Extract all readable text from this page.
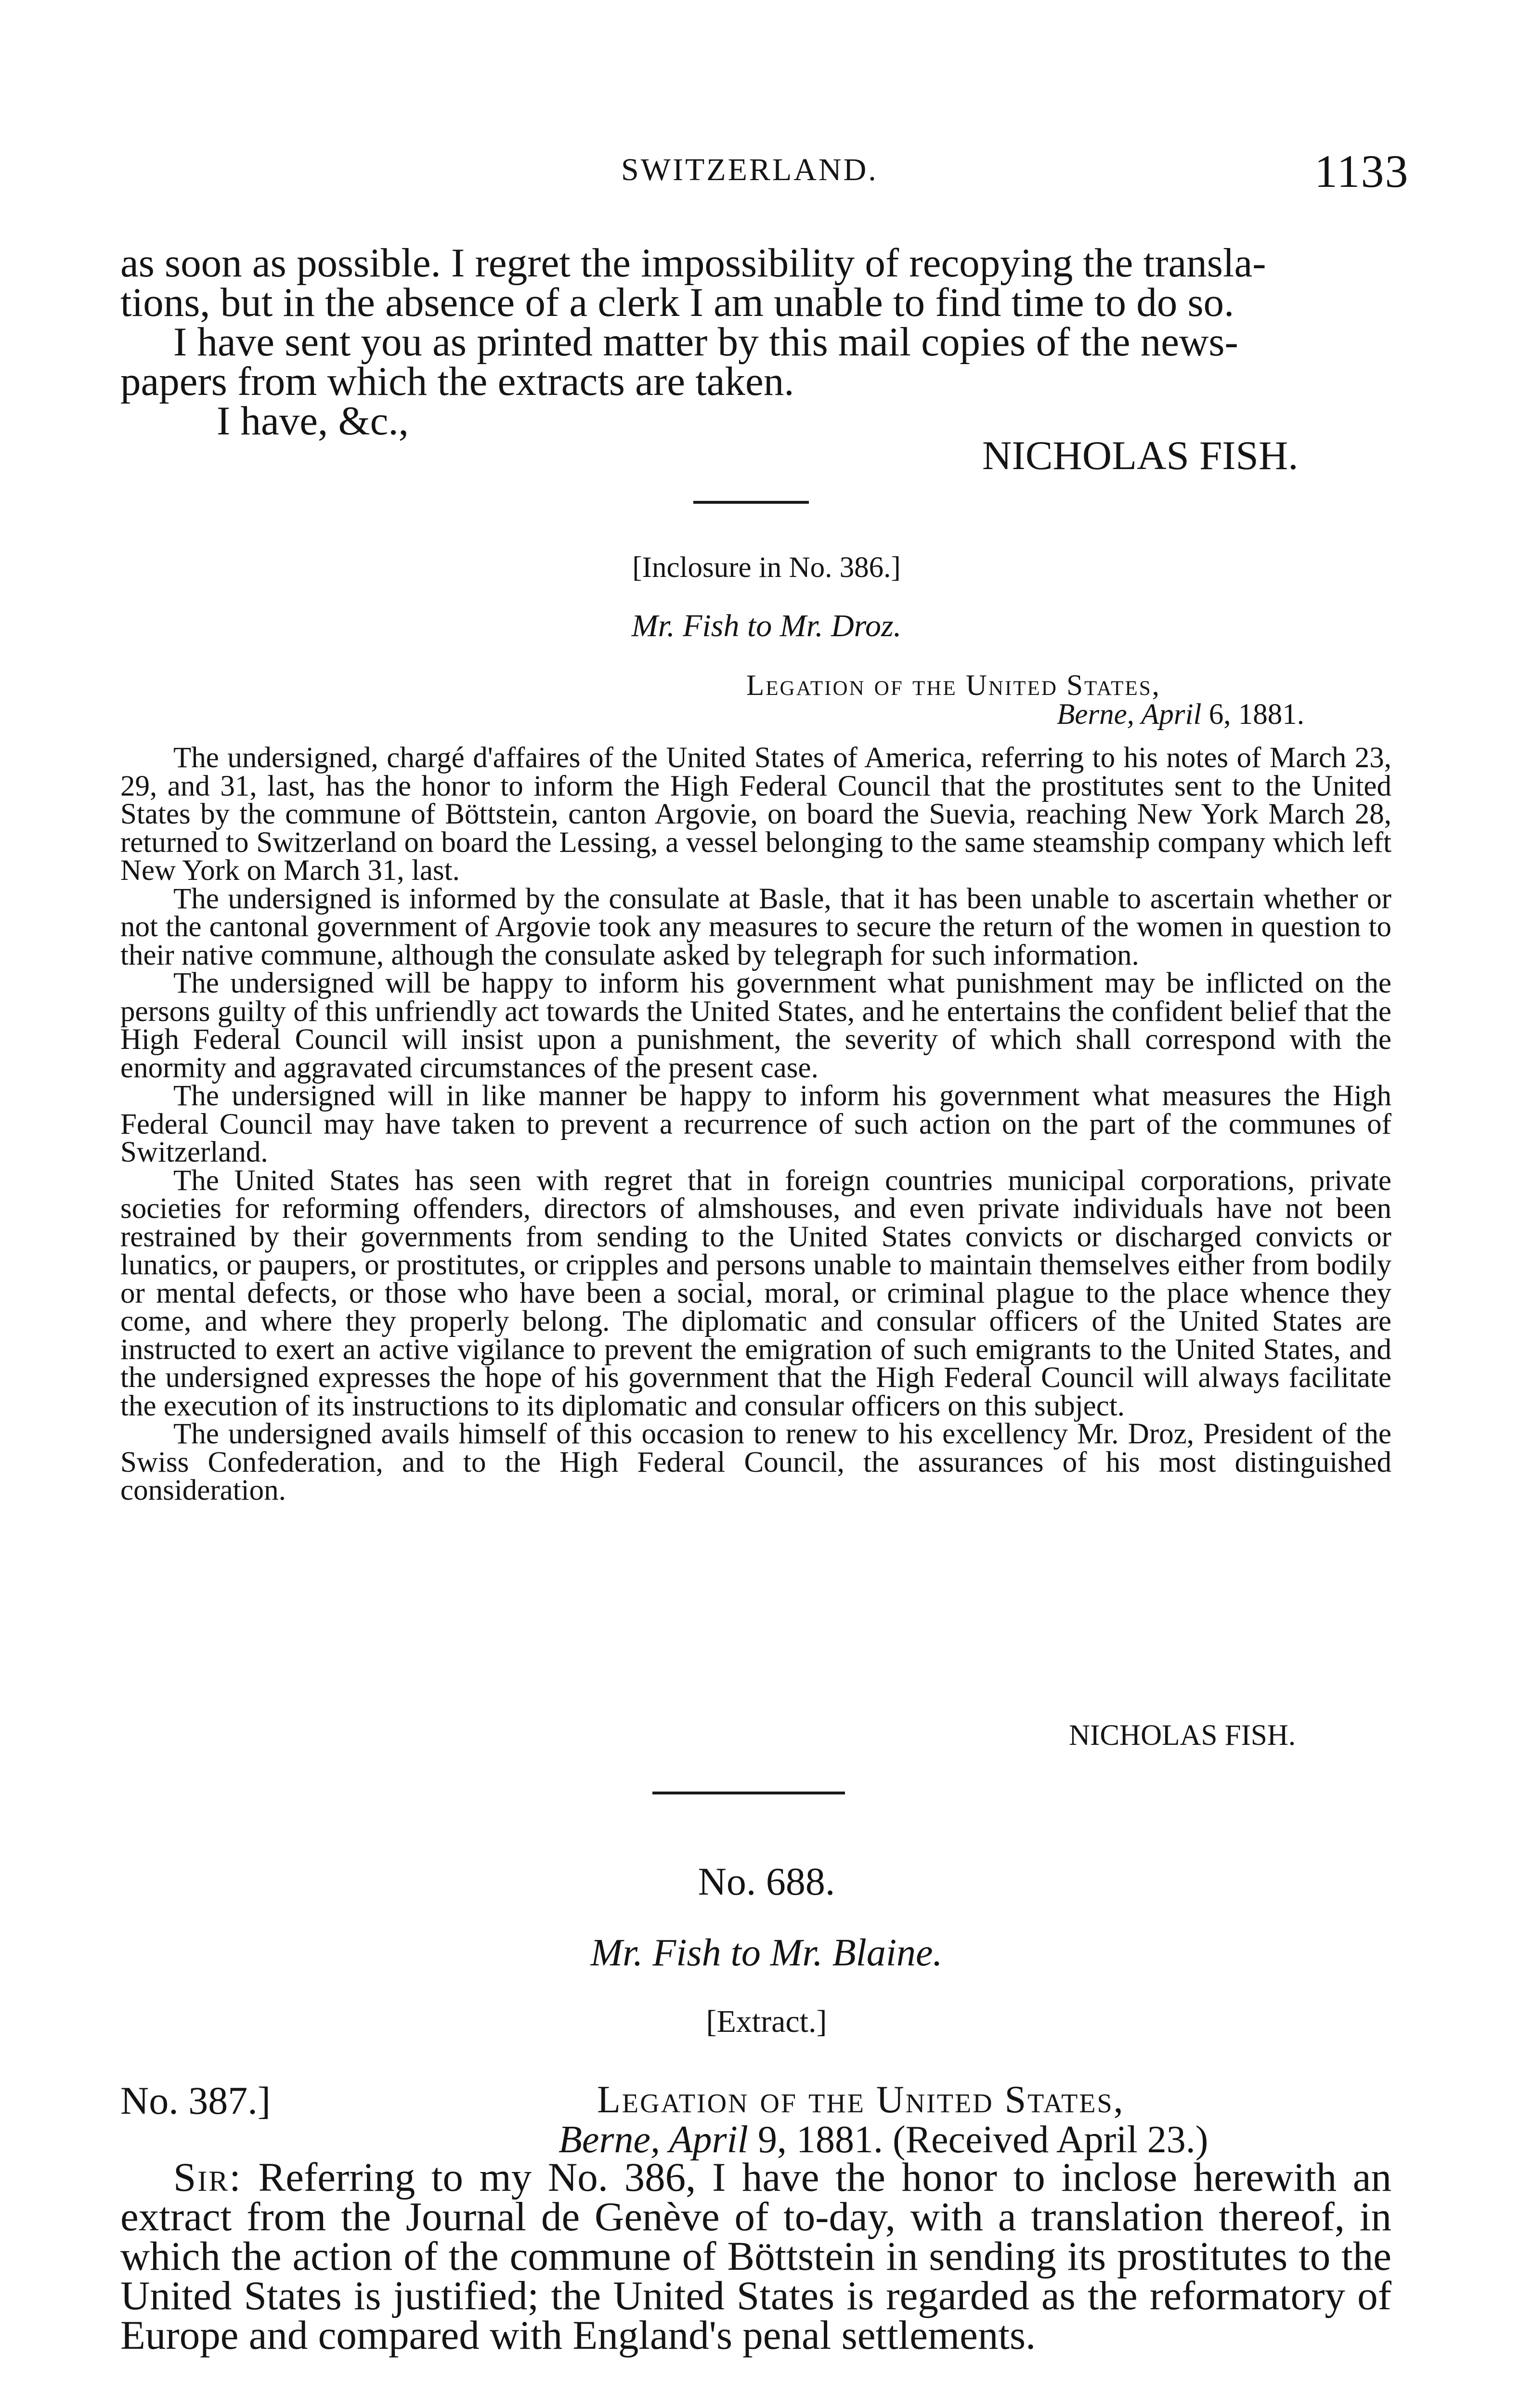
SWITZERLAND.	1133
as soon as possible. I regret the impossibility of recopying the transla-
tions, but in the absence of a clerk I am unable to find time to do so.
I have sent you as printed matter by this mail copies of the news-
papers from which the extracts are taken.
I have, &c.,
NICHOLAS FISH.
[Inclosure in No. 386.]
Mr. Fish to Mr. Droz.
Legation of the United States,
Berne, April 6, 1881.

The undersigned, chargé d'affaires of the United States of America, referring to his notes of March 23, 29, and 31, last, has the honor to inform the High Federal Council that the prostitutes sent to the United States by the commune of Böttstein, canton Argovie, on board the Suevia, reaching New York March 28, returned to Switzerland on board the Lessing, a vessel belonging to the same steamship company which left New York on March 31, last.

The undersigned is informed by the consulate at Basle, that it has been unable to ascertain whether or not the cantonal government of Argovie took any measures to secure the return of the women in question to their native commune, although the consulate asked by telegraph for such information.

The undersigned will be happy to inform his government what punishment may be inflicted on the persons guilty of this unfriendly act towards the United States, and he entertains the confident belief that the High Federal Council will insist upon a punishment, the severity of which shall correspond with the enormity and aggravated circumstances of the present case.

The undersigned will in like manner be happy to inform his government what measures the High Federal Council may have taken to prevent a recurrence of such action on the part of the communes of Switzerland.

The United States has seen with regret that in foreign countries municipal corporations, private societies for reforming offenders, directors of almshouses, and even private individuals have not been restrained by their governments from sending to the United States convicts or discharged convicts or lunatics, or paupers, or prostitutes, or cripples and persons unable to maintain themselves either from bodily or mental defects, or those who have been a social, moral, or criminal plague to the place whence they come, and where they properly belong. The diplomatic and consular officers of the United States are instructed to exert an active vigilance to prevent the emigration of such emigrants to the United States, and the undersigned expresses the hope of his government that the High Federal Council will always facilitate the execution of its instructions to its diplomatic and consular officers on this subject.

The undersigned avails himself of this occasion to renew to his excellency Mr. Droz, President of the Swiss Confederation, and to the High Federal Council, the assurances of his most distinguished consideration.

NICHOLAS FISH.
No. 688.
Mr. Fish to Mr. Blaine.
[Extract.]
No. 387.]	Legation of the United States,
Berne, April 9, 1881. (Received April 23.)

Sir: Referring to my No. 386, I have the honor to inclose herewith an extract from the Journal de Genève of to-day, with a translation thereof, in which the action of the commune of Böttstein in sending its prostitutes to the United States is justified; the United States is regarded as the reformatory of Europe and compared with England's penal settlements.
